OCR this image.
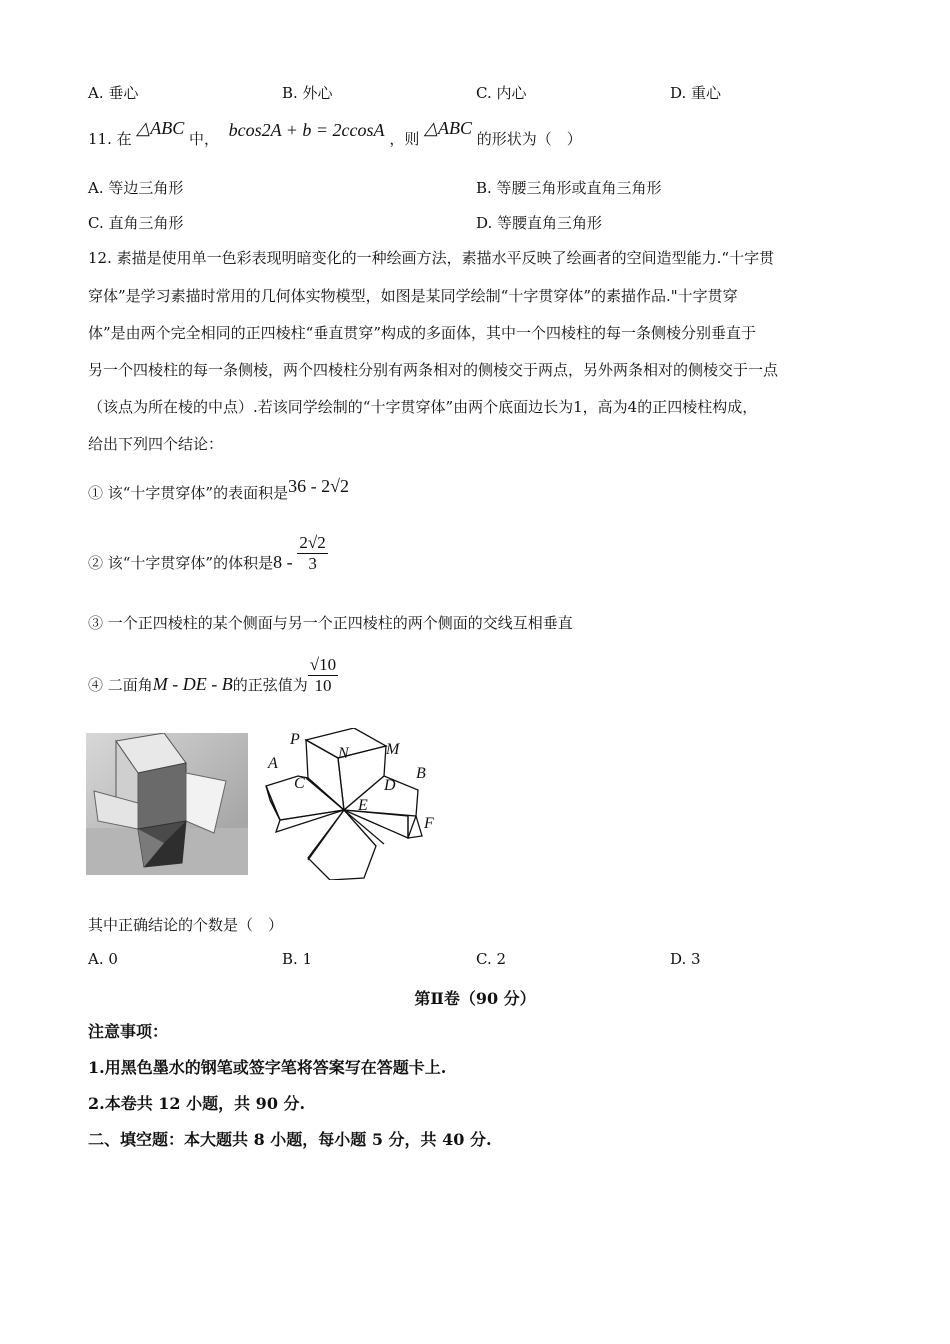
A. 垂心	B. 外心	C. 内心	D. 重心
11. 在 △ABC 中， bcos2A + b = 2ccosA ，则 △ABC 的形状为（　）
A. 等边三角形	B. 等腰三角形或直角三角形
C. 直角三角形	D. 等腰直角三角形
12. 素描是使用单一色彩表现明暗变化的一种绘画方法，素描水平反映了绘画者的空间造型能力.“十字贯
穿体”是学习素描时常用的几何体实物模型，如图是某同学绘制“十字贯穿体”的素描作品."十字贯穿
体”是由两个完全相同的正四棱柱“垂直贯穿”构成的多面体，其中一个四棱柱的每一条侧棱分别垂直于
另一个四棱柱的每一条侧棱，两个四棱柱分别有两条相对的侧棱交于两点，另外两条相对的侧棱交于一点
（该点为所在棱的中点）.若该同学绘制的“十字贯穿体”由两个底面边长为1，高为4的正四棱柱构成，
给出下列四个结论：
① 该“十字贯穿体”的表面积是36 - 2√2
② 该“十字贯穿体”的体积是$8 - \frac{2√2}{3}$
③ 一个正四棱柱的某个侧面与另一个正四棱柱的两个侧面的交线互相垂直
④ 二面角M - DE - B的正弦值为 $\frac{√10}{10}$
P
N M
A
C	D
B
E
F
其中正确结论的个数是（　）
A. 0	B. 1	C. 2	D. 3
第Ⅱ卷（90 分）
注意事项：
1.用黑色墨水的钢笔或签字笔将答案写在答题卡上.
2.本卷共 12 小题，共 90 分.
二、填空题：本大题共 8 小题，每小题 5 分，共 40 分.
